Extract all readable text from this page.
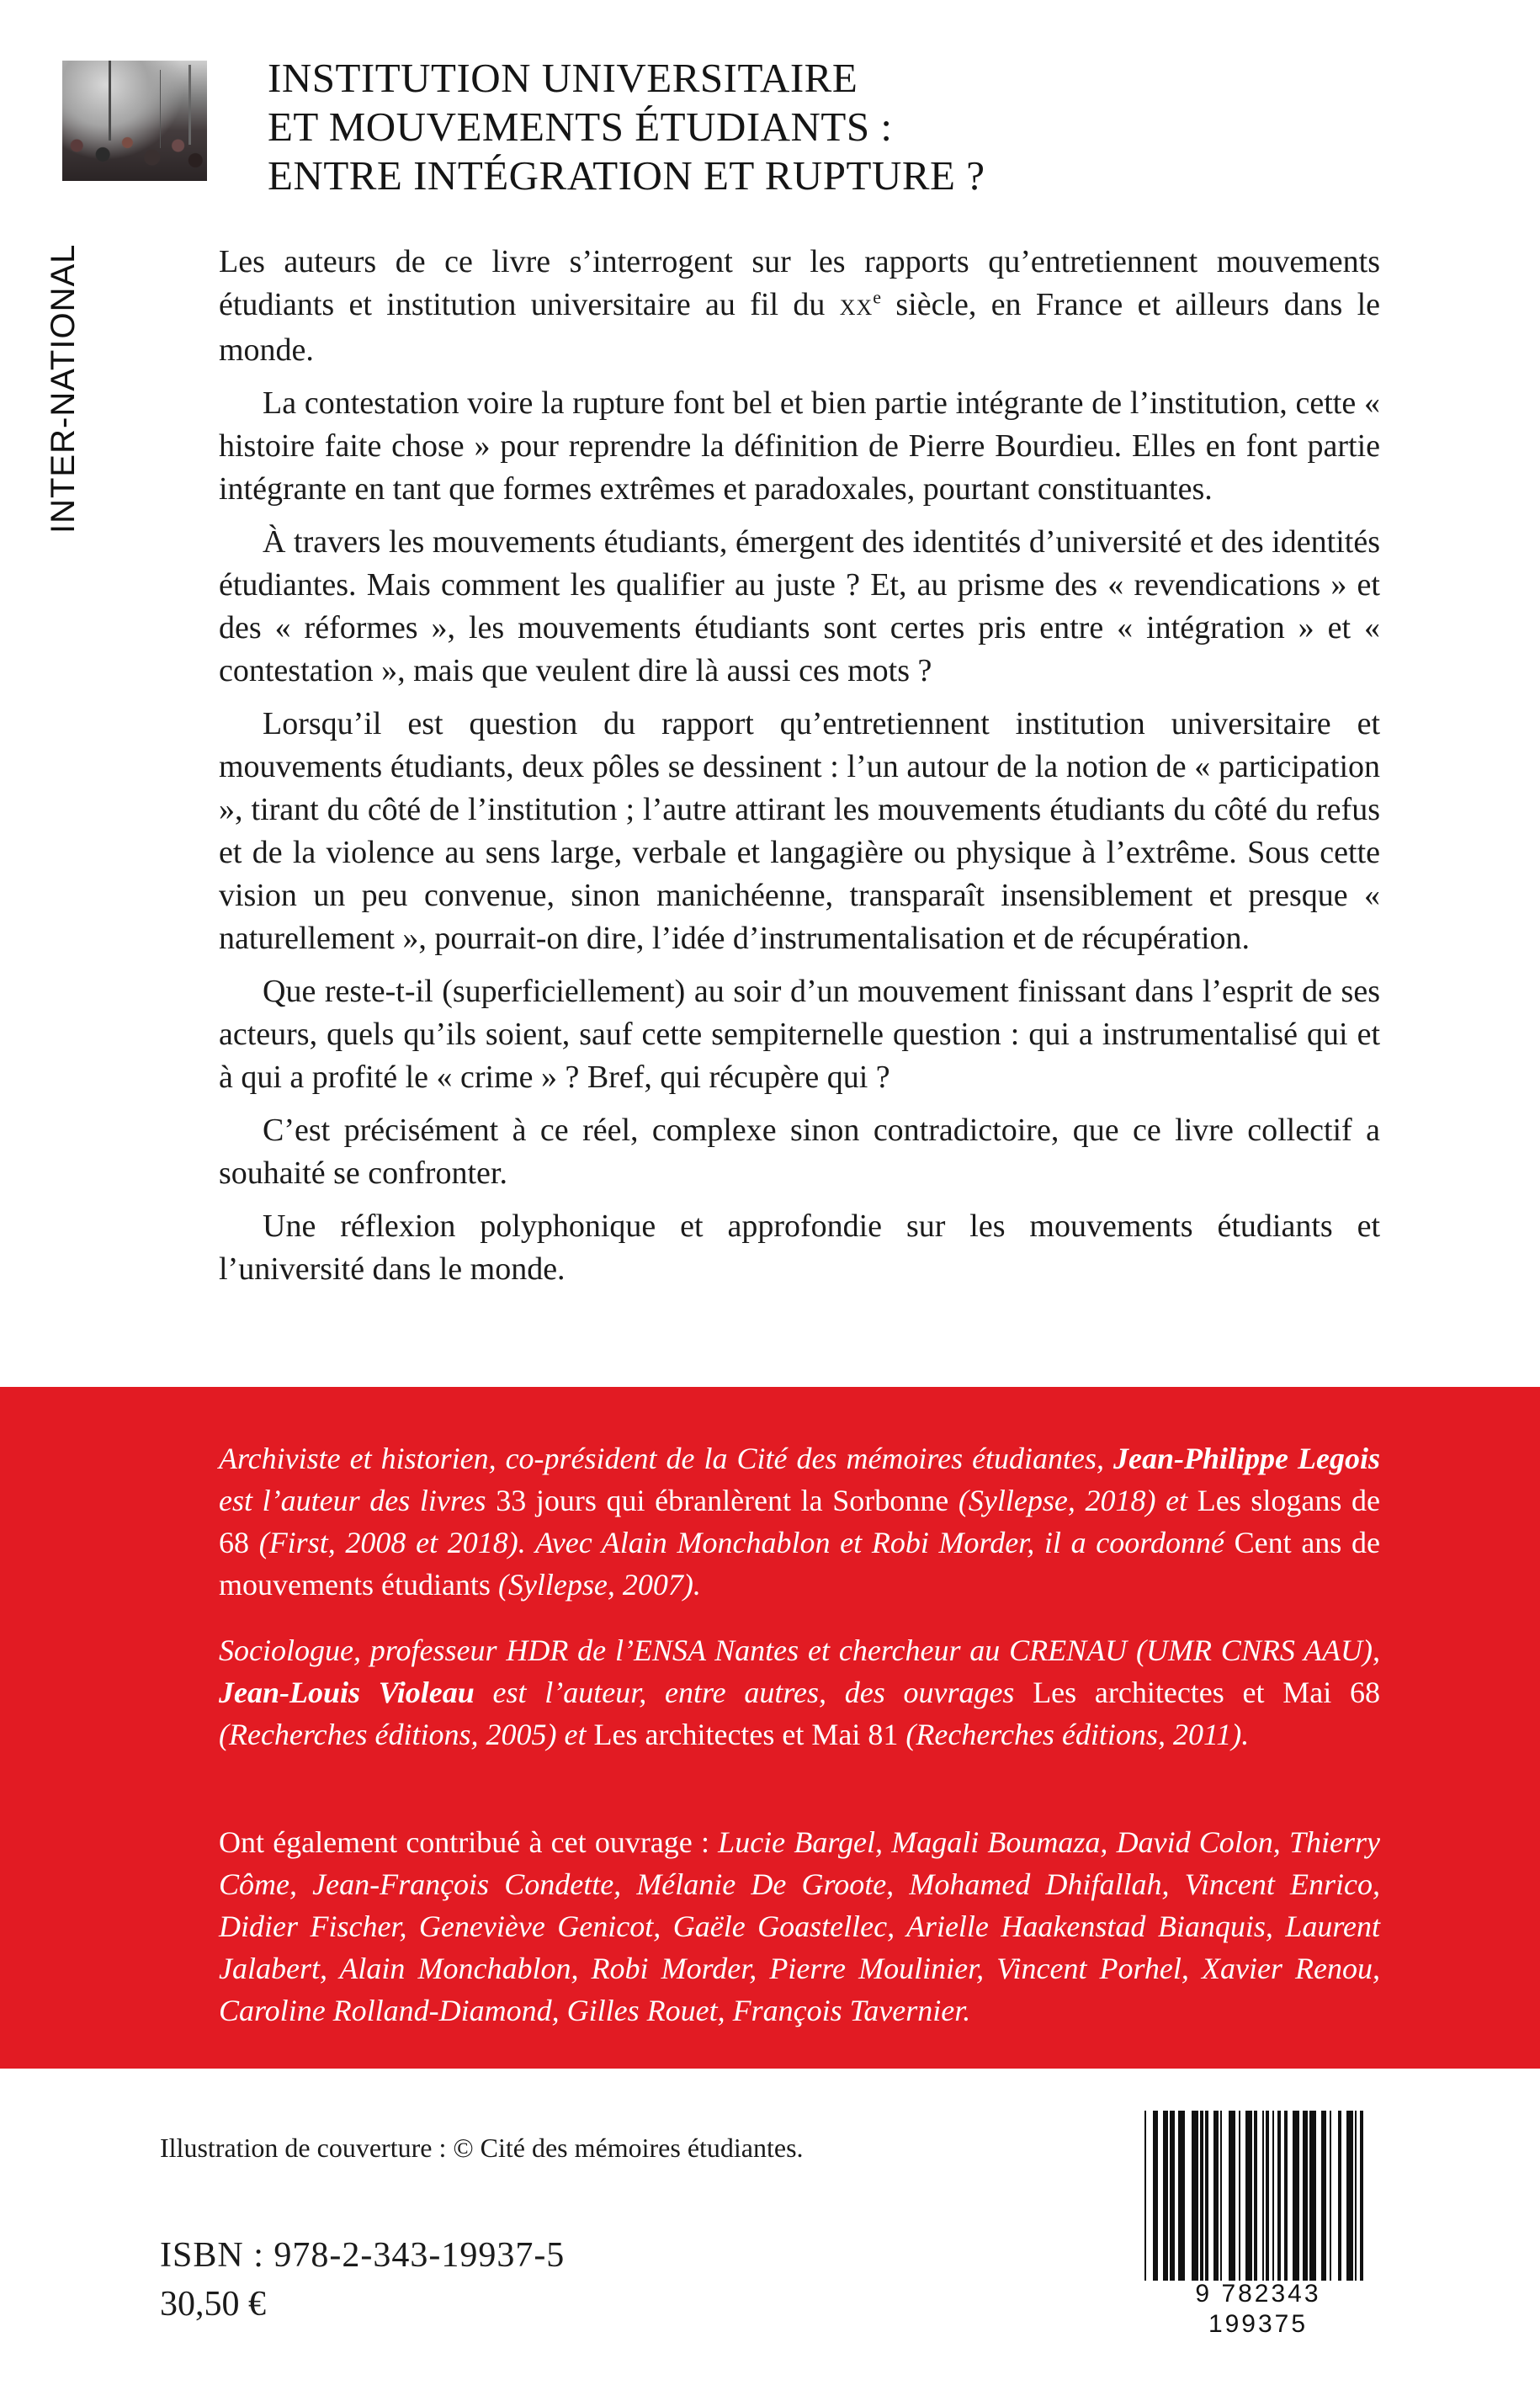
INTER-NATIONAL
INSTITUTION UNIVERSITAIRE
ET MOUVEMENTS ÉTUDIANTS :
ENTRE INTÉGRATION ET RUPTURE ?

Les auteurs de ce livre s’interrogent sur les rapports qu’entretiennent mouvements étudiants et institution universitaire au fil du XXe siècle, en France et ailleurs dans le monde.

La contestation voire la rupture font bel et bien partie intégrante de l’institution, cette « histoire faite chose » pour reprendre la définition de Pierre Bourdieu. Elles en font partie intégrante en tant que formes extrêmes et paradoxales, pourtant constituantes.

À travers les mouvements étudiants, émergent des identités d’université et des identités étudiantes. Mais comment les qualifier au juste ? Et, au prisme des « revendications » et des « réformes », les mouvements étudiants sont certes pris entre « intégration » et « contestation », mais que veulent dire là aussi ces mots ?

Lorsqu’il est question du rapport qu’entretiennent institution universitaire et mouvements étudiants, deux pôles se dessinent : l’un autour de la notion de « participation », tirant du côté de l’institution ; l’autre attirant les mouvements étudiants du côté du refus et de la violence au sens large, verbale et langagière ou physique à l’extrême. Sous cette vision un peu convenue, sinon manichéenne, transparaît insensiblement et presque « naturellement », pourrait-on dire, l’idée d’instrumentalisation et de récupération.

Que reste-t-il (superficiellement) au soir d’un mouvement finissant dans l’esprit de ses acteurs, quels qu’ils soient, sauf cette sempiternelle question : qui a instrumentalisé qui et à qui a profité le « crime » ? Bref, qui récupère qui ?

C’est précisément à ce réel, complexe sinon contradictoire, que ce livre collectif a souhaité se confronter.

Une réflexion polyphonique et approfondie sur les mouvements étudiants et l’université dans le monde.

Archiviste et historien, co-président de la Cité des mémoires étudiantes, Jean-Philippe Legois est l’auteur des livres 33 jours qui ébranlèrent la Sorbonne (Syllepse, 2018) et Les slogans de 68 (First, 2008 et 2018). Avec Alain Monchablon et Robi Morder, il a coordonné Cent ans de mouvements étudiants (Syllepse, 2007).

Sociologue, professeur HDR de l’ENSA Nantes et chercheur au CRENAU (UMR CNRS AAU), Jean-Louis Violeau est l’auteur, entre autres, des ouvrages Les architectes et Mai 68 (Recherches éditions, 2005) et Les architectes et Mai 81 (Recherches éditions, 2011).

Ont également contribué à cet ouvrage : Lucie Bargel, Magali Boumaza, David Colon, Thierry Côme, Jean-François Condette, Mélanie De Groote, Mohamed Dhifallah, Vincent Enrico, Didier Fischer, Geneviève Genicot, Gaële Goastellec, Arielle Haakenstad Bianquis, Laurent Jalabert, Alain Monchablon, Robi Morder, Pierre Moulinier, Vincent Porhel, Xavier Renou, Caroline Rolland-Diamond, Gilles Rouet, François Tavernier.

Illustration de couverture : © Cité des mémoires étudiantes.
ISBN : 978-2-343-19937-5
30,50 €	9 782343 199375
